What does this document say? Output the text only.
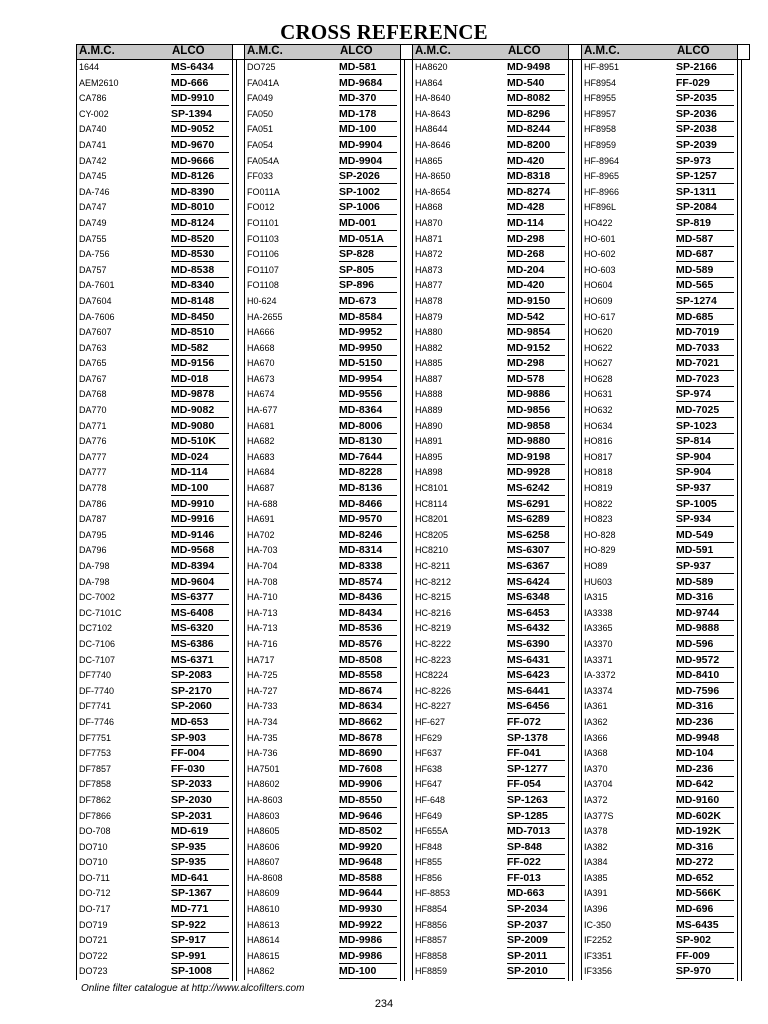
CROSS REFERENCE
A.M.C.	ALCO
1644	MS-6434
AEM2610	MD-666
CA786	MD-9910
CY-002	SP-1394
DA740	MD-9052
DA741	MD-9670
DA742	MD-9666
DA745	MD-8126
DA-746	MD-8390
DA747	MD-8010
DA749	MD-8124
DA755	MD-8520
DA-756	MD-8530
DA757	MD-8538
DA-7601	MD-8340
DA7604	MD-8148
DA-7606	MD-8450
DA7607	MD-8510
DA763	MD-582
DA765	MD-9156
DA767	MD-018
DA768	MD-9878
DA770	MD-9082
DA771	MD-9080
DA776	MD-510K
DA777	MD-024
DA777	MD-114
DA778	MD-100
DA786	MD-9910
DA787	MD-9916
DA795	MD-9146
DA796	MD-9568
DA-798	MD-8394
DA-798	MD-9604
DC-7002	MS-6377
DC-7101C	MS-6408
DC7102	MS-6320
DC-7106	MS-6386
DC-7107	MS-6371
DF7740	SP-2083
DF-7740	SP-2170
DF7741	SP-2060
DF-7746	MD-653
DF7751	SP-903
DF7753	FF-004
DF7857	FF-030
DF7858	SP-2033
DF7862	SP-2030
DF7866	SP-2031
DO-708	MD-619
DO710	SP-935
DO710	SP-935
DO-711	MD-641
DO-712	SP-1367
DO-717	MD-771
DO719	SP-922
DO721	SP-917
DO722	SP-991
DO723	SP-1008
A.M.C.	ALCO
DO725	MD-581
FA041A	MD-9684
FA049	MD-370
FA050	MD-178
FA051	MD-100
FA054	MD-9904
FA054A	MD-9904
FF033	SP-2026
FO011A	SP-1002
FO012	SP-1006
FO1101	MD-001
FO1103	MD-051A
FO1106	SP-828
FO1107	SP-805
FO1108	SP-896
H0-624	MD-673
HA-2655	MD-8584
HA666	MD-9952
HA668	MD-9950
HA670	MD-5150
HA673	MD-9954
HA674	MD-9556
HA-677	MD-8364
HA681	MD-8006
HA682	MD-8130
HA683	MD-7644
HA684	MD-8228
HA687	MD-8136
HA-688	MD-8466
HA691	MD-9570
HA702	MD-8246
HA-703	MD-8314
HA-704	MD-8338
HA-708	MD-8574
HA-710	MD-8436
HA-713	MD-8434
HA-713	MD-8536
HA-716	MD-8576
HA717	MD-8508
HA-725	MD-8558
HA-727	MD-8674
HA-733	MD-8634
HA-734	MD-8662
HA-735	MD-8678
HA-736	MD-8690
HA7501	MD-7608
HA8602	MD-9906
HA-8603	MD-8550
HA8603	MD-9646
HA8605	MD-8502
HA8606	MD-9920
HA8607	MD-9648
HA-8608	MD-8588
HA8609	MD-9644
HA8610	MD-9930
HA8613	MD-9922
HA8614	MD-9986
HA8615	MD-9986
HA862	MD-100
A.M.C.	ALCO
HA8620	MD-9498
HA864	MD-540
HA-8640	MD-8082
HA-8643	MD-8296
HA8644	MD-8244
HA-8646	MD-8200
HA865	MD-420
HA-8650	MD-8318
HA-8654	MD-8274
HA868	MD-428
HA870	MD-114
HA871	MD-298
HA872	MD-268
HA873	MD-204
HA877	MD-420
HA878	MD-9150
HA879	MD-542
HA880	MD-9854
HA882	MD-9152
HA885	MD-298
HA887	MD-578
HA888	MD-9886
HA889	MD-9856
HA890	MD-9858
HA891	MD-9880
HA895	MD-9198
HA898	MD-9928
HC8101	MS-6242
HC8114	MS-6291
HC8201	MS-6289
HC8205	MS-6258
HC8210	MS-6307
HC-8211	MS-6367
HC-8212	MS-6424
HC-8215	MS-6348
HC-8216	MS-6453
HC-8219	MS-6432
HC-8222	MS-6390
HC-8223	MS-6431
HC8224	MS-6423
HC-8226	MS-6441
HC-8227	MS-6456
HF-627	FF-072
HF629	SP-1378
HF637	FF-041
HF638	SP-1277
HF647	FF-054
HF-648	SP-1263
HF649	SP-1285
HF655A	MD-7013
HF848	SP-848
HF855	FF-022
HF856	FF-013
HF-8853	MD-663
HF8854	SP-2034
HF8856	SP-2037
HF8857	SP-2009
HF8858	SP-2011
HF8859	SP-2010
A.M.C.	ALCO
HF-8951	SP-2166
HF8954	FF-029
HF8955	SP-2035
HF8957	SP-2036
HF8958	SP-2038
HF8959	SP-2039
HF-8964	SP-973
HF-8965	SP-1257
HF-8966	SP-1311
HF896L	SP-2084
HO422	SP-819
HO-601	MD-587
HO-602	MD-687
HO-603	MD-589
HO604	MD-565
HO609	SP-1274
HO-617	MD-685
HO620	MD-7019
HO622	MD-7033
HO627	MD-7021
HO628	MD-7023
HO631	SP-974
HO632	MD-7025
HO634	SP-1023
HO816	SP-814
HO817	SP-904
HO818	SP-904
HO819	SP-937
HO822	SP-1005
HO823	SP-934
HO-828	MD-549
HO-829	MD-591
HO89	SP-937
HU603	MD-589
IA315	MD-316
IA3338	MD-9744
IA3365	MD-9888
IA3370	MD-596
IA3371	MD-9572
IA-3372	MD-8410
IA3374	MD-7596
IA361	MD-316
IA362	MD-236
IA366	MD-9948
IA368	MD-104
IA370	MD-236
IA3704	MD-642
IA372	MD-9160
IA377S	MD-602K
IA378	MD-192K
IA382	MD-316
IA384	MD-272
IA385	MD-652
IA391	MD-566K
IA396	MD-696
IC-350	MS-6435
IF2252	SP-902
IF3351	FF-009
IF3356	SP-970
Online filter catalogue at http://www.alcofilters.com
234
